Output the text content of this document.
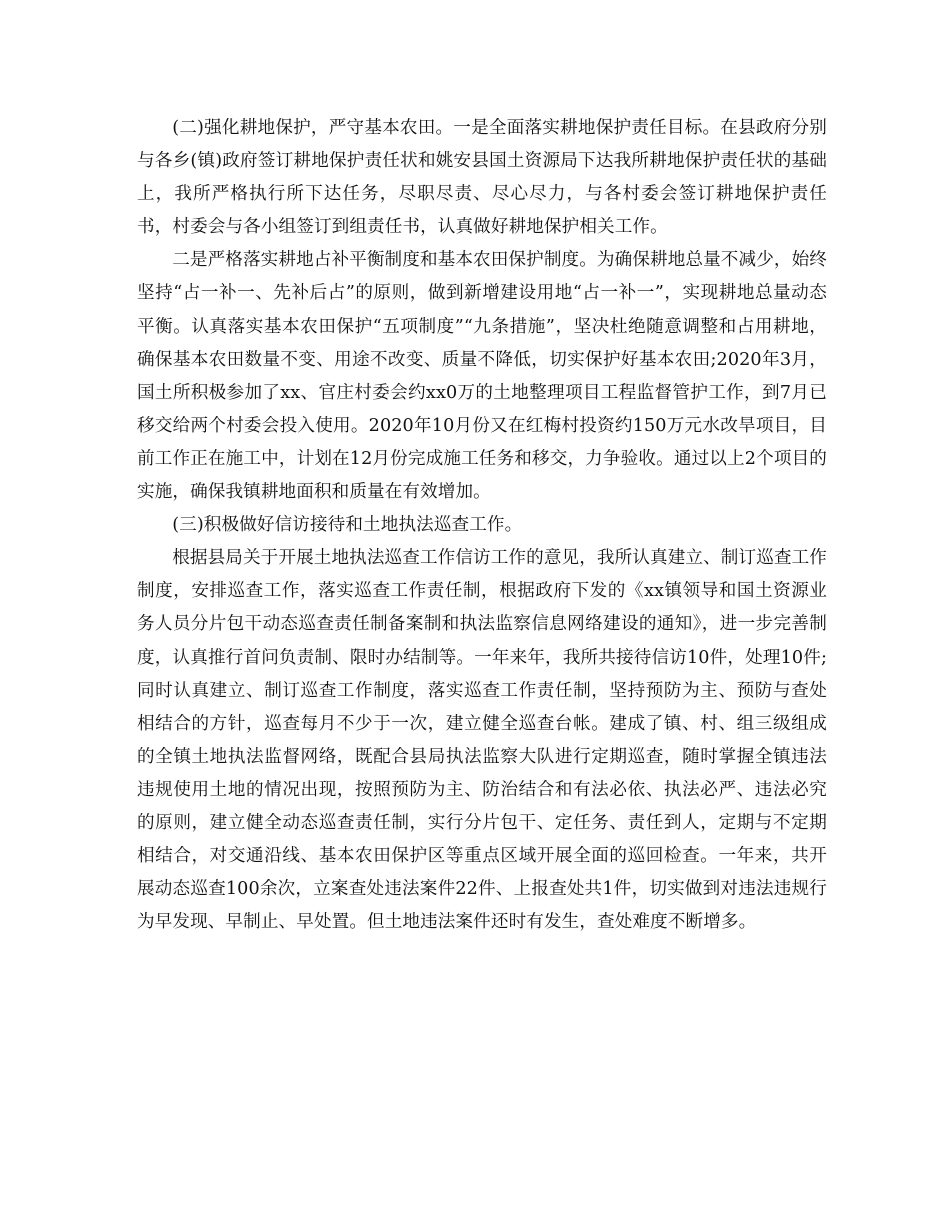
(二)强化耕地保护，严守基本农田。一是全面落实耕地保护责任目标。在县政府分别与各乡(镇)政府签订耕地保护责任状和姚安县国土资源局下达我所耕地保护责任状的基础上，我所严格执行所下达任务，尽职尽责、尽心尽力，与各村委会签订耕地保护责任书，村委会与各小组签订到组责任书，认真做好耕地保护相关工作。

二是严格落实耕地占补平衡制度和基本农田保护制度。为确保耕地总量不减少，始终坚持“占一补一、先补后占”的原则，做到新增建设用地“占一补一”，实现耕地总量动态平衡。认真落实基本农田保护“五项制度”“九条措施”，坚决杜绝随意调整和占用耕地，确保基本农田数量不变、用途不改变、质量不降低，切实保护好基本农田;2020年3月，国土所积极参加了xx、官庄村委会约xx0万的土地整理项目工程监督管护工作，到7月已移交给两个村委会投入使用。2020年10月份又在红梅村投资约150万元水改旱项目，目前工作正在施工中，计划在12月份完成施工任务和移交，力争验收。通过以上2个项目的实施，确保我镇耕地面积和质量在有效增加。

(三)积极做好信访接待和土地执法巡查工作。

根据县局关于开展土地执法巡查工作信访工作的意见，我所认真建立、制订巡查工作制度，安排巡查工作，落实巡查工作责任制，根据政府下发的《xx镇领导和国土资源业务人员分片包干动态巡查责任制备案制和执法监察信息网络建设的通知》，进一步完善制度，认真推行首问负责制、限时办结制等。一年来年，我所共接待信访10件，处理10件;同时认真建立、制订巡查工作制度，落实巡查工作责任制，坚持预防为主、预防与查处相结合的方针，巡查每月不少于一次，建立健全巡查台帐。建成了镇、村、组三级组成的全镇土地执法监督网络，既配合县局执法监察大队进行定期巡查，随时掌握全镇违法违规使用土地的情况出现，按照预防为主、防治结合和有法必依、执法必严、违法必究的原则，建立健全动态巡查责任制，实行分片包干、定任务、责任到人，定期与不定期相结合，对交通沿线、基本农田保护区等重点区域开展全面的巡回检查。一年来，共开展动态巡查100余次，立案查处违法案件22件、上报查处共1件，切实做到对违法违规行为早发现、早制止、早处置。但土地违法案件还时有发生，查处难度不断增多。
